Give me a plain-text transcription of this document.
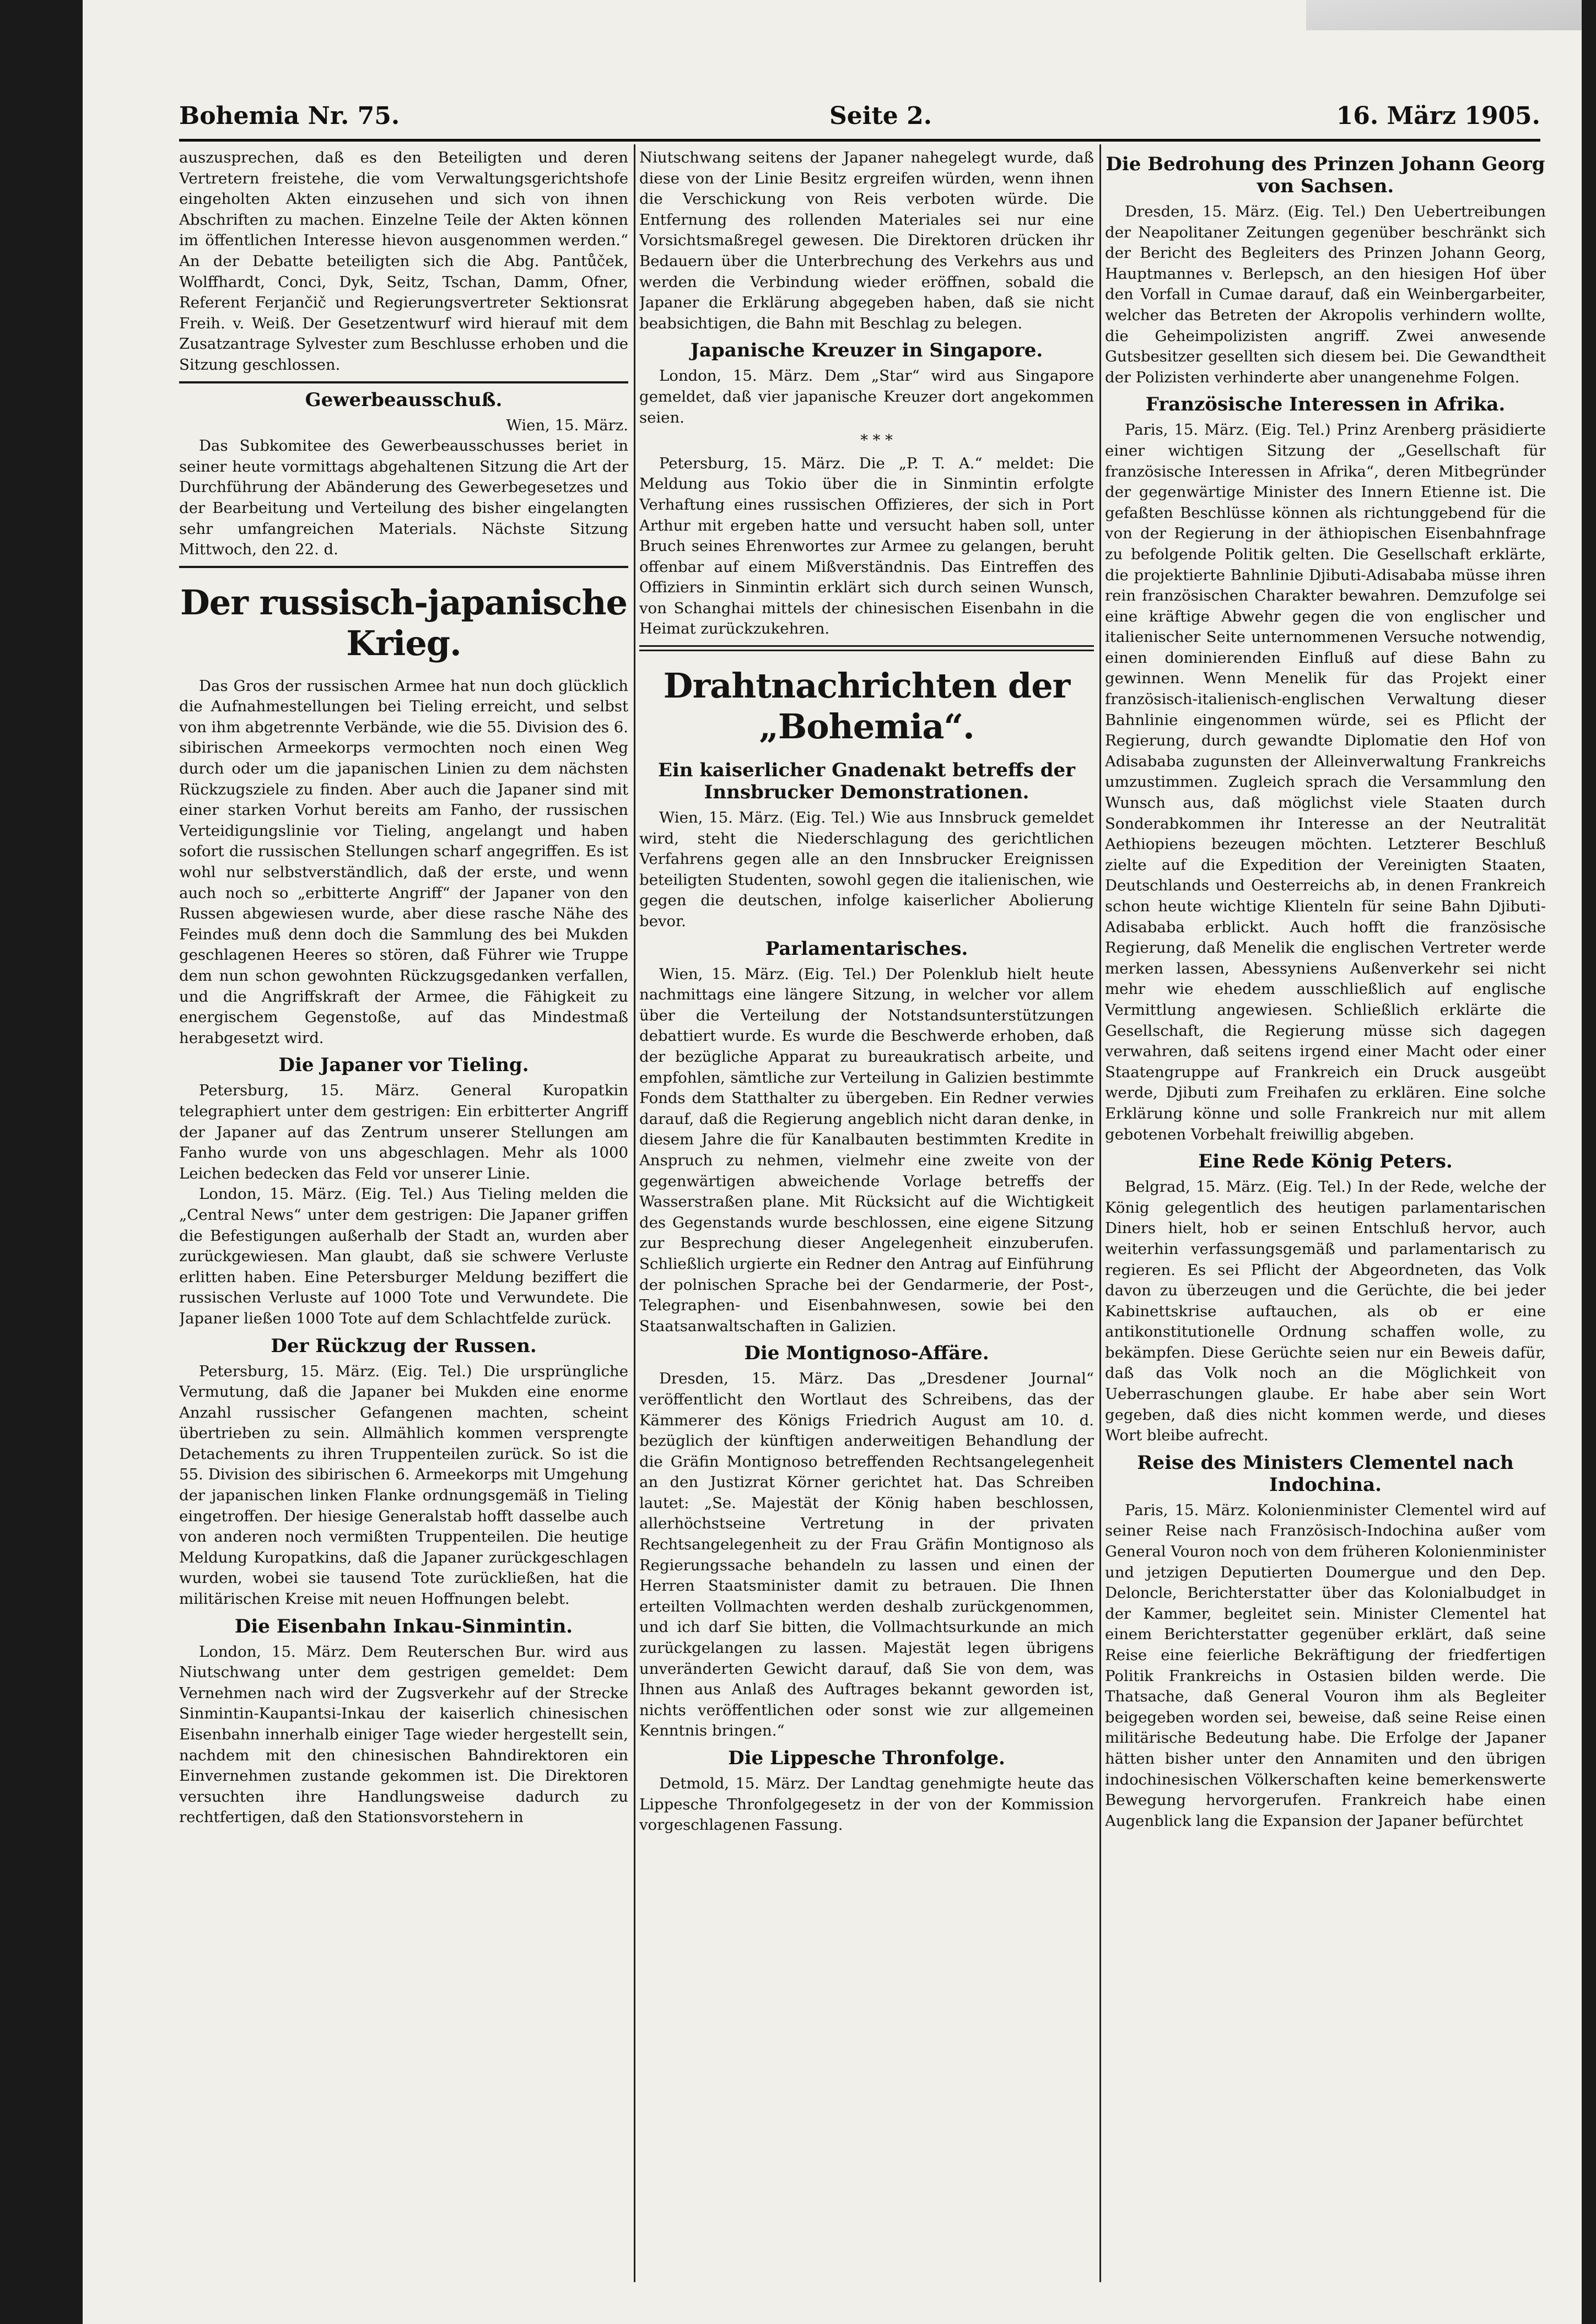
Bohemia Nr. 75.	Seite 2.	16. März 1905.

auszusprechen, daß es den Beteiligten und deren Vertretern freistehe, die vom Verwaltungsgerichtshofe eingeholten Akten einzusehen und sich von ihnen Abschriften zu machen. Einzelne Teile der Akten können im öffentlichen Interesse hievon ausgenommen werden.“ An der Debatte beteiligten sich die Abg. Pantůček, Wolffhardt, Conci, Dyk, Seitz, Tschan, Damm, Ofner, Referent Ferjančič und Regierungsvertreter Sektionsrat Freih. v. Weiß. Der Gesetzentwurf wird hierauf mit dem Zusatzantrage Sylvester zum Beschlusse erhoben und die Sitzung geschlossen.

Gewerbeausschuß.

Wien, 15. März.

Das Subkomitee des Gewerbeausschusses beriet in seiner heute vormittags abgehaltenen Sitzung die Art der Durchführung der Abänderung des Gewerbegesetzes und der Bearbeitung und Verteilung des bisher eingelangten sehr umfangreichen Materials. Nächste Sitzung Mittwoch, den 22. d.

Der russisch-japanische Krieg.

Das Gros der russischen Armee hat nun doch glücklich die Aufnahmestellungen bei Tieling erreicht, und selbst von ihm abgetrennte Verbände, wie die 55. Division des 6. sibirischen Armeekorps vermochten noch einen Weg durch oder um die japanischen Linien zu dem nächsten Rückzugsziele zu finden. Aber auch die Japaner sind mit einer starken Vorhut bereits am Fanho, der russischen Verteidigungslinie vor Tieling, angelangt und haben sofort die russischen Stellungen scharf angegriffen. Es ist wohl nur selbstverständlich, daß der erste, und wenn auch noch so „erbitterte Angriff“ der Japaner von den Russen abgewiesen wurde, aber diese rasche Nähe des Feindes muß denn doch die Sammlung des bei Mukden geschlagenen Heeres so stören, daß Führer wie Truppe dem nun schon gewohnten Rückzugsgedanken verfallen, und die Angriffskraft der Armee, die Fähigkeit zu energischem Gegenstoße, auf das Mindestmaß herabgesetzt wird.

Die Japaner vor Tieling.

Petersburg, 15. März. General Kuropatkin telegraphiert unter dem gestrigen: Ein erbitterter Angriff der Japaner auf das Zentrum unserer Stellungen am Fanho wurde von uns abgeschlagen. Mehr als 1000 Leichen bedecken das Feld vor unserer Linie.

London, 15. März. (Eig. Tel.) Aus Tieling melden die „Central News“ unter dem gestrigen: Die Japaner griffen die Befestigungen außerhalb der Stadt an, wurden aber zurückgewiesen. Man glaubt, daß sie schwere Verluste erlitten haben. Eine Petersburger Meldung beziffert die russischen Verluste auf 1000 Tote und Verwundete. Die Japaner ließen 1000 Tote auf dem Schlachtfelde zurück.

Der Rückzug der Russen.

Petersburg, 15. März. (Eig. Tel.) Die ursprüngliche Vermutung, daß die Japaner bei Mukden eine enorme Anzahl russischer Gefangenen machten, scheint übertrieben zu sein. Allmählich kommen versprengte Detachements zu ihren Truppenteilen zurück. So ist die 55. Division des sibirischen 6. Armeekorps mit Umgehung der japanischen linken Flanke ordnungsgemäß in Tieling eingetroffen. Der hiesige Generalstab hofft dasselbe auch von anderen noch vermißten Truppenteilen. Die heutige Meldung Kuropatkins, daß die Japaner zurückgeschlagen wurden, wobei sie tausend Tote zurückließen, hat die militärischen Kreise mit neuen Hoffnungen belebt.

Die Eisenbahn Inkau-Sinmintin.

London, 15. März. Dem Reuterschen Bur. wird aus Niutschwang unter dem gestrigen gemeldet: Dem Vernehmen nach wird der Zugsverkehr auf der Strecke Sinmintin-Kaupantsi-Inkau der kaiserlich chinesischen Eisenbahn innerhalb einiger Tage wieder hergestellt sein, nachdem mit den chinesischen Bahndirektoren ein Einvernehmen zustande gekommen ist. Die Direktoren versuchten ihre Handlungsweise dadurch zu rechtfertigen, daß den Stationsvorstehern in

Niutschwang seitens der Japaner nahegelegt wurde, daß diese von der Linie Besitz ergreifen würden, wenn ihnen die Verschickung von Reis verboten würde. Die Entfernung des rollenden Materiales sei nur eine Vorsichtsmaßregel gewesen. Die Direktoren drücken ihr Bedauern über die Unterbrechung des Verkehrs aus und werden die Verbindung wieder eröffnen, sobald die Japaner die Erklärung abgegeben haben, daß sie nicht beabsichtigen, die Bahn mit Beschlag zu belegen.

Japanische Kreuzer in Singapore.

London, 15. März. Dem „Star“ wird aus Singapore gemeldet, daß vier japanische Kreuzer dort angekommen seien.

* * *

Petersburg, 15. März. Die „P. T. A.“ meldet: Die Meldung aus Tokio über die in Sinmintin erfolgte Verhaftung eines russischen Offizieres, der sich in Port Arthur mit ergeben hatte und versucht haben soll, unter Bruch seines Ehrenwortes zur Armee zu gelangen, beruht offenbar auf einem Mißverständnis. Das Eintreffen des Offiziers in Sinmintin erklärt sich durch seinen Wunsch, von Schanghai mittels der chinesischen Eisenbahn in die Heimat zurückzukehren.

Drahtnachrichten der „Bohemia“.
Ein kaiserlicher Gnadenakt betreffs der Innsbrucker Demonstrationen.

Wien, 15. März. (Eig. Tel.) Wie aus Innsbruck gemeldet wird, steht die Niederschlagung des gerichtlichen Verfahrens gegen alle an den Innsbrucker Ereignissen beteiligten Studenten, sowohl gegen die italienischen, wie gegen die deutschen, infolge kaiserlicher Abolierung bevor.

Parlamentarisches.

Wien, 15. März. (Eig. Tel.) Der Polenklub hielt heute nachmittags eine längere Sitzung, in welcher vor allem über die Verteilung der Notstandsunterstützungen debattiert wurde. Es wurde die Beschwerde erhoben, daß der bezügliche Apparat zu bureaukratisch arbeite, und empfohlen, sämtliche zur Verteilung in Galizien bestimmte Fonds dem Statthalter zu übergeben. Ein Redner verwies darauf, daß die Regierung angeblich nicht daran denke, in diesem Jahre die für Kanalbauten bestimmten Kredite in Anspruch zu nehmen, vielmehr eine zweite von der gegenwärtigen abweichende Vorlage betreffs der Wasserstraßen plane. Mit Rücksicht auf die Wichtigkeit des Gegenstands wurde beschlossen, eine eigene Sitzung zur Besprechung dieser Angelegenheit einzuberufen. Schließlich urgierte ein Redner den Antrag auf Einführung der polnischen Sprache bei der Gendarmerie, der Post-, Telegraphen- und Eisenbahnwesen, sowie bei den Staatsanwaltschaften in Galizien.

Die Montignoso-Affäre.

Dresden, 15. März. Das „Dresdener Journal“ veröffentlicht den Wortlaut des Schreibens, das der Kämmerer des Königs Friedrich August am 10. d. bezüglich der künftigen anderweitigen Behandlung der die Gräfin Montignoso betreffenden Rechtsangelegenheit an den Justizrat Körner gerichtet hat. Das Schreiben lautet: „Se. Majestät der König haben beschlossen, allerhöchstseine Vertretung in der privaten Rechtsangelegenheit zu der Frau Gräfin Montignoso als Regierungssache behandeln zu lassen und einen der Herren Staatsminister damit zu betrauen. Die Ihnen erteilten Vollmachten werden deshalb zurückgenommen, und ich darf Sie bitten, die Vollmachtsurkunde an mich zurückgelangen zu lassen. Majestät legen übrigens unveränderten Gewicht darauf, daß Sie von dem, was Ihnen aus Anlaß des Auftrages bekannt geworden ist, nichts veröffentlichen oder sonst wie zur allgemeinen Kenntnis bringen.“

Die Lippesche Thronfolge.

Detmold, 15. März. Der Landtag genehmigte heute das Lippesche Thronfolgegesetz in der von der Kommission vorgeschlagenen Fassung.

Die Bedrohung des Prinzen Johann Georg von Sachsen.

Dresden, 15. März. (Eig. Tel.) Den Uebertreibungen der Neapolitaner Zeitungen gegenüber beschränkt sich der Bericht des Begleiters des Prinzen Johann Georg, Hauptmannes v. Berlepsch, an den hiesigen Hof über den Vorfall in Cumae darauf, daß ein Weinbergarbeiter, welcher das Betreten der Akropolis verhindern wollte, die Geheimpolizisten angriff. Zwei anwesende Gutsbesitzer gesellten sich diesem bei. Die Gewandtheit der Polizisten verhinderte aber unangenehme Folgen.

Französische Interessen in Afrika.

Paris, 15. März. (Eig. Tel.) Prinz Arenberg präsidierte einer wichtigen Sitzung der „Gesellschaft für französische Interessen in Afrika“, deren Mitbegründer der gegenwärtige Minister des Innern Etienne ist. Die gefaßten Beschlüsse können als richtunggebend für die von der Regierung in der äthiopischen Eisenbahnfrage zu befolgende Politik gelten. Die Gesellschaft erklärte, die projektierte Bahnlinie Djibuti-Adisababa müsse ihren rein französischen Charakter bewahren. Demzufolge sei eine kräftige Abwehr gegen die von englischer und italienischer Seite unternommenen Versuche notwendig, einen dominierenden Einfluß auf diese Bahn zu gewinnen. Wenn Menelik für das Projekt einer französisch-italienisch-englischen Verwaltung dieser Bahnlinie eingenommen würde, sei es Pflicht der Regierung, durch gewandte Diplomatie den Hof von Adisababa zugunsten der Alleinverwaltung Frankreichs umzustimmen. Zugleich sprach die Versammlung den Wunsch aus, daß möglichst viele Staaten durch Sonderabkommen ihr Interesse an der Neutralität Aethiopiens bezeugen möchten. Letzterer Beschluß zielte auf die Expedition der Vereinigten Staaten, Deutschlands und Oesterreichs ab, in denen Frankreich schon heute wichtige Klienteln für seine Bahn Djibuti-Adisababa erblickt. Auch hofft die französische Regierung, daß Menelik die englischen Vertreter werde merken lassen, Abessyniens Außenverkehr sei nicht mehr wie ehedem ausschließlich auf englische Vermittlung angewiesen. Schließlich erklärte die Gesellschaft, die Regierung müsse sich dagegen verwahren, daß seitens irgend einer Macht oder einer Staatengruppe auf Frankreich ein Druck ausgeübt werde, Djibuti zum Freihafen zu erklären. Eine solche Erklärung könne und solle Frankreich nur mit allem gebotenen Vorbehalt freiwillig abgeben.

Eine Rede König Peters.

Belgrad, 15. März. (Eig. Tel.) In der Rede, welche der König gelegentlich des heutigen parlamentarischen Diners hielt, hob er seinen Entschluß hervor, auch weiterhin verfassungsgemäß und parlamentarisch zu regieren. Es sei Pflicht der Abgeordneten, das Volk davon zu überzeugen und die Gerüchte, die bei jeder Kabinettskrise auftauchen, als ob er eine antikonstitutionelle Ordnung schaffen wolle, zu bekämpfen. Diese Gerüchte seien nur ein Beweis dafür, daß das Volk noch an die Möglichkeit von Ueberraschungen glaube. Er habe aber sein Wort gegeben, daß dies nicht kommen werde, und dieses Wort bleibe aufrecht.

Reise des Ministers Clementel nach Indochina.

Paris, 15. März. Kolonienminister Clementel wird auf seiner Reise nach Französisch-Indochina außer vom General Vouron noch von dem früheren Kolonienminister und jetzigen Deputierten Doumergue und den Dep. Deloncle, Berichterstatter über das Kolonialbudget in der Kammer, begleitet sein. Minister Clementel hat einem Berichterstatter gegenüber erklärt, daß seine Reise eine feierliche Bekräftigung der friedfertigen Politik Frankreichs in Ostasien bilden werde. Die Thatsache, daß General Vouron ihm als Begleiter beigegeben worden sei, beweise, daß seine Reise einen militärische Bedeutung habe. Die Erfolge der Japaner hätten bisher unter den Annamiten und den übrigen indochinesischen Völkerschaften keine bemerkenswerte Bewegung hervorgerufen. Frankreich habe einen Augenblick lang die Expansion der Japaner befürchtet
